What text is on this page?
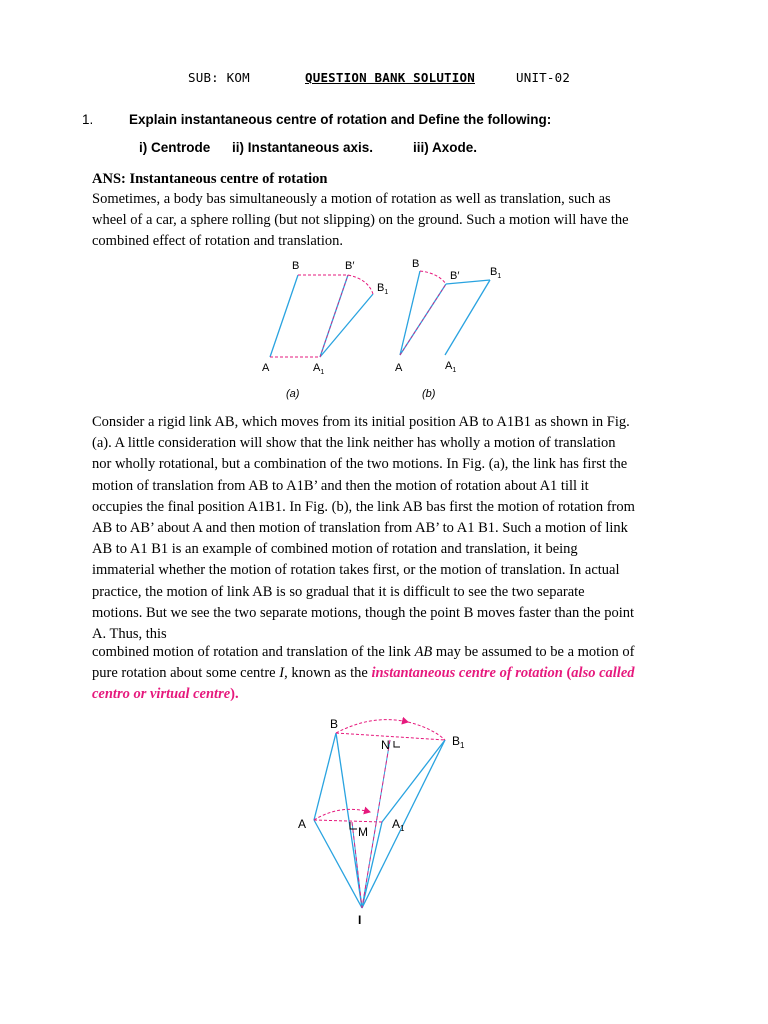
SUB: KOM	QUESTION BANK SOLUTION	UNIT-02
1.	Explain instantaneous centre of rotation and Define the following:
i) Centrode ii) Instantaneous axis.	iii) Axode.
ANS: Instantaneous centre of rotation
Sometimes, a body bas simultaneously a motion of rotation as well as translation, such as
wheel of a car, a sphere rolling (but not slipping) on the ground. Such a motion will have the
combined effect of rotation and translation.
B	B′
$B_1$
A	$A_1$
(a)
B
B′	$B_1$
A	$A_1$
(b)
Consider a rigid link AB, which moves from its initial position AB to A1B1 as shown in Fig.
(a). A little consideration will show that the link neither has wholly a motion of translation
nor wholly rotational, but a combination of the two motions. In Fig. (a), the link has first the
motion of translation from AB to A1B’ and then the motion of rotation about A1 till it
occupies the final position A1B1. In Fig. (b), the link AB bas first the motion of rotation from
AB to AB’ about A and then motion of translation from AB’ to A1 B1. Such a motion of link
AB to A1 B1 is an example of combined motion of rotation and translation, it being
immaterial whether the motion of rotation takes first, or the motion of translation. In actual
practice, the motion of link AB is so gradual that it is difficult to see the two separate
motions. But we see the two separate motions, though the point B moves faster than the point
A. Thus, this
combined motion of rotation and translation of the link AB may be assumed to be a motion of
pure rotation about some centre I, known as the instantaneous centre of rotation (also called
centro or virtual centre).
B
$B_1$
N
A
M
$A_1$
I
